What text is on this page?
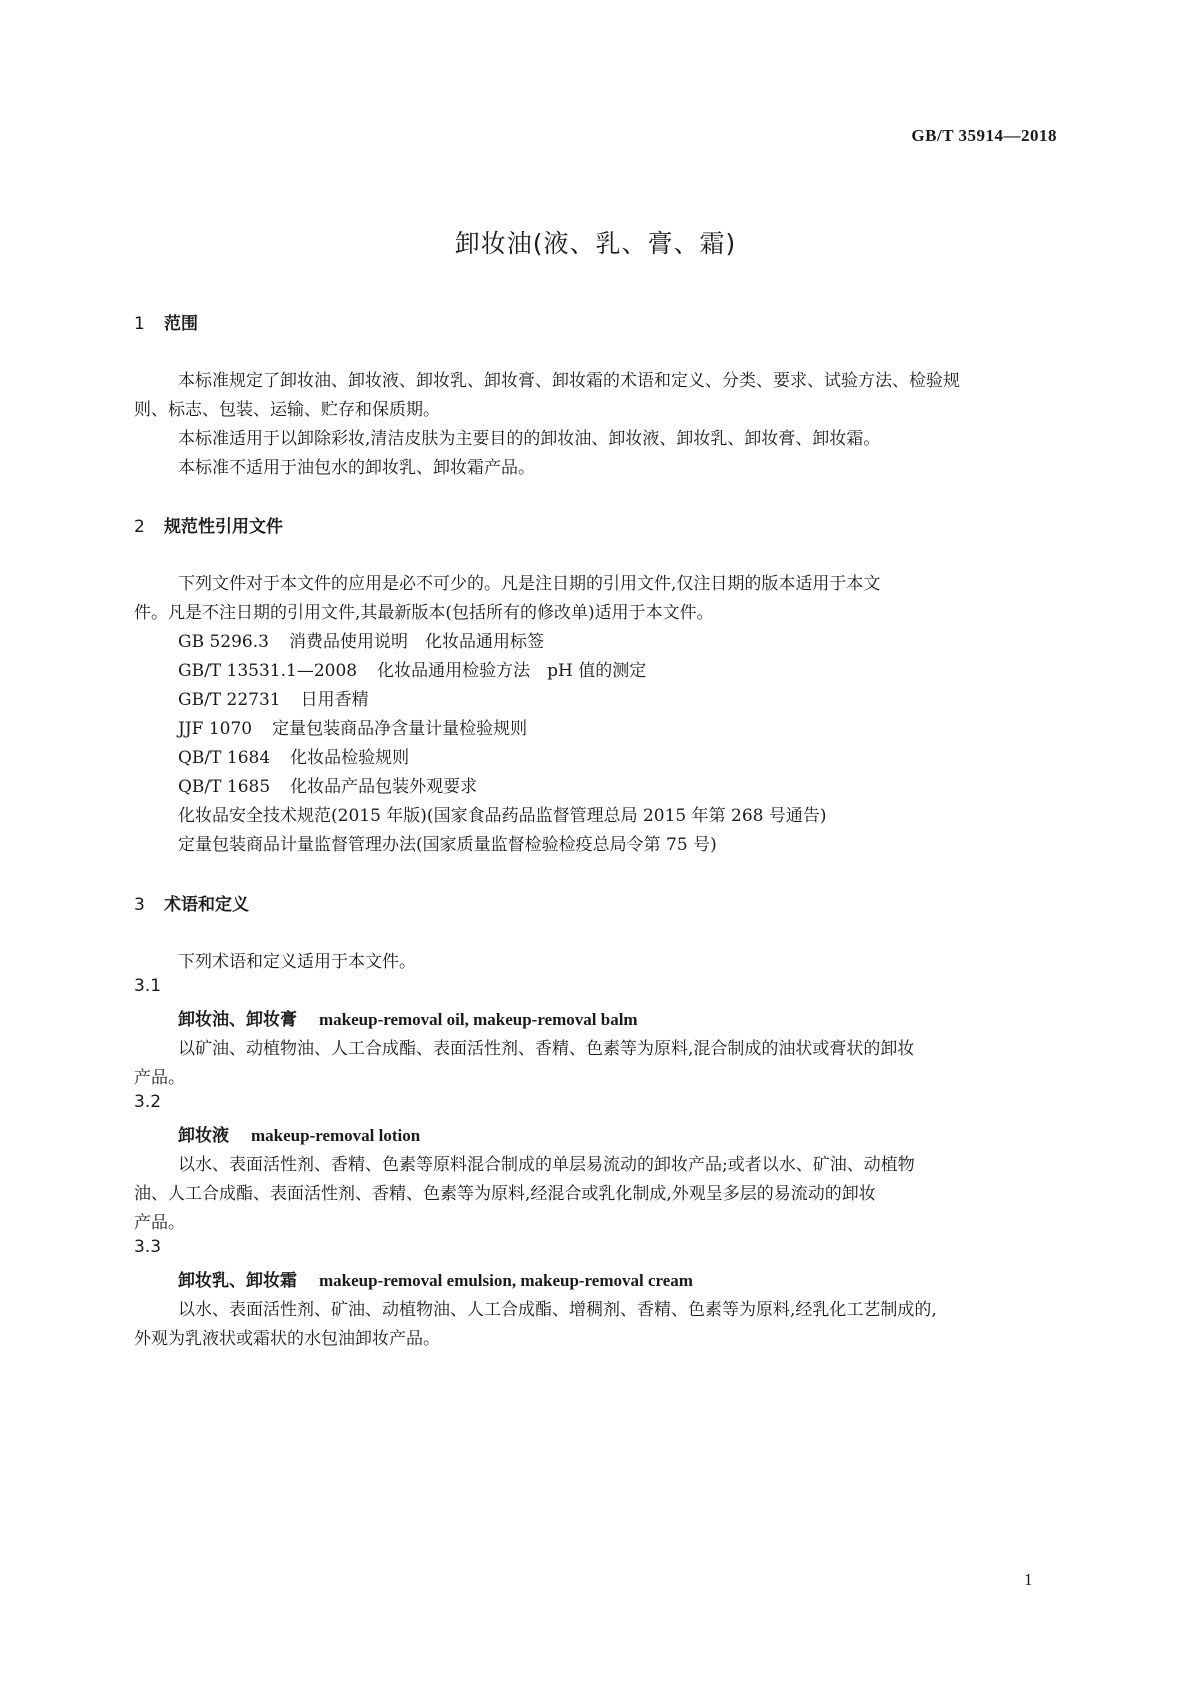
GB/T 35914—2018
卸妆油(液、乳、膏、霜)
1 范围

本标准规定了卸妆油、卸妆液、卸妆乳、卸妆膏、卸妆霜的术语和定义、分类、要求、试验方法、检验规

则、标志、包装、运输、贮存和保质期。

本标准适用于以卸除彩妆,清洁皮肤为主要目的的卸妆油、卸妆液、卸妆乳、卸妆膏、卸妆霜。

本标准不适用于油包水的卸妆乳、卸妆霜产品。

2 规范性引用文件

下列文件对于本文件的应用是必不可少的。凡是注日期的引用文件,仅注日期的版本适用于本文

件。凡是不注日期的引用文件,其最新版本(包括所有的修改单)适用于本文件。

GB 5296.3 消费品使用说明　化妆品通用标签
GB/T 13531.1—2008 化妆品通用检验方法　pH 值的测定
GB/T 22731 日用香精
JJF 1070 定量包装商品净含量计量检验规则
QB/T 1684 化妆品检验规则
QB/T 1685 化妆品产品包装外观要求

化妆品安全技术规范(2015 年版)(国家食品药品监督管理总局 2015 年第 268 号通告)

定量包装商品计量监督管理办法(国家质量监督检验检疫总局令第 75 号)

3 术语和定义

下列术语和定义适用于本文件。

3.1
卸妆油、卸妆膏 makeup-removal oil, makeup-removal balm

以矿油、动植物油、人工合成酯、表面活性剂、香精、色素等为原料,混合制成的油状或膏状的卸妆

产品。

3.2
卸妆液 makeup-removal lotion

以水、表面活性剂、香精、色素等原料混合制成的单层易流动的卸妆产品;或者以水、矿油、动植物

油、人工合成酯、表面活性剂、香精、色素等为原料,经混合或乳化制成,外观呈多层的易流动的卸妆

产品。

3.3
卸妆乳、卸妆霜 makeup-removal emulsion, makeup-removal cream

以水、表面活性剂、矿油、动植物油、人工合成酯、增稠剂、香精、色素等为原料,经乳化工艺制成的,

外观为乳液状或霜状的水包油卸妆产品。

1
